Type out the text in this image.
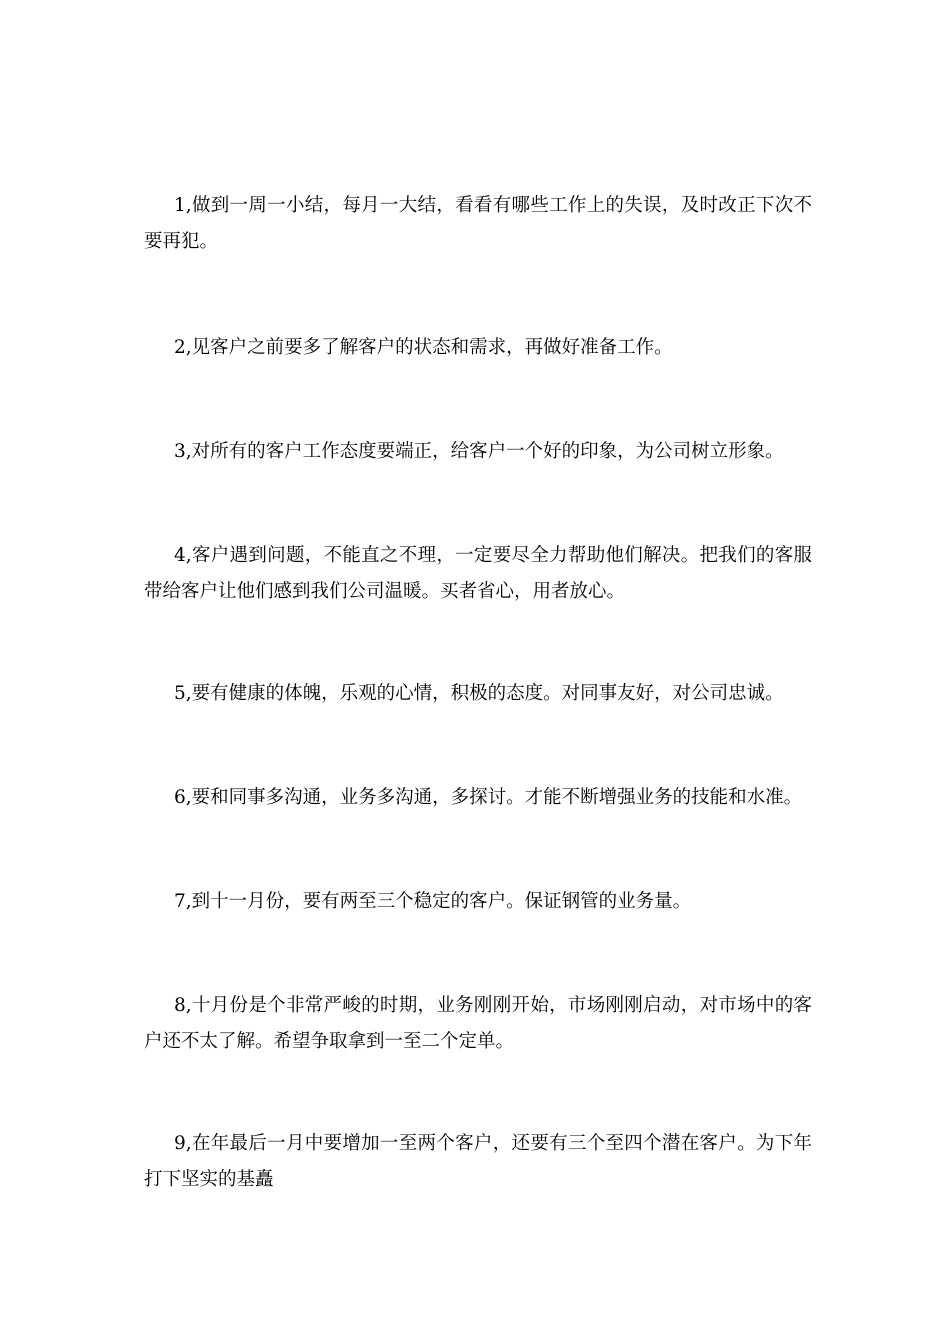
1,做到一周一小结，每月一大结，看看有哪些工作上的失误，及时改正下次不要再犯。

2,见客户之前要多了解客户的状态和需求，再做好准备工作。

3,对所有的客户工作态度要端正，给客户一个好的印象，为公司树立形象。

4,客户遇到问题，不能直之不理，一定要尽全力帮助他们解决。把我们的客服带给客户让他们感到我们公司温暖。买者省心，用者放心。

5,要有健康的体魄，乐观的心情，积极的态度。对同事友好，对公司忠诚。

6,要和同事多沟通，业务多沟通，多探讨。才能不断增强业务的技能和水准。

7,到十一月份，要有两至三个稳定的客户。保证钢管的业务量。

8,十月份是个非常严峻的时期，业务刚刚开始，市场刚刚启动，对市场中的客户还不太了解。希望争取拿到一至二个定单。

9,在年最后一月中要增加一至两个客户，还要有三个至四个潜在客户。为下年打下坚实的基矗
